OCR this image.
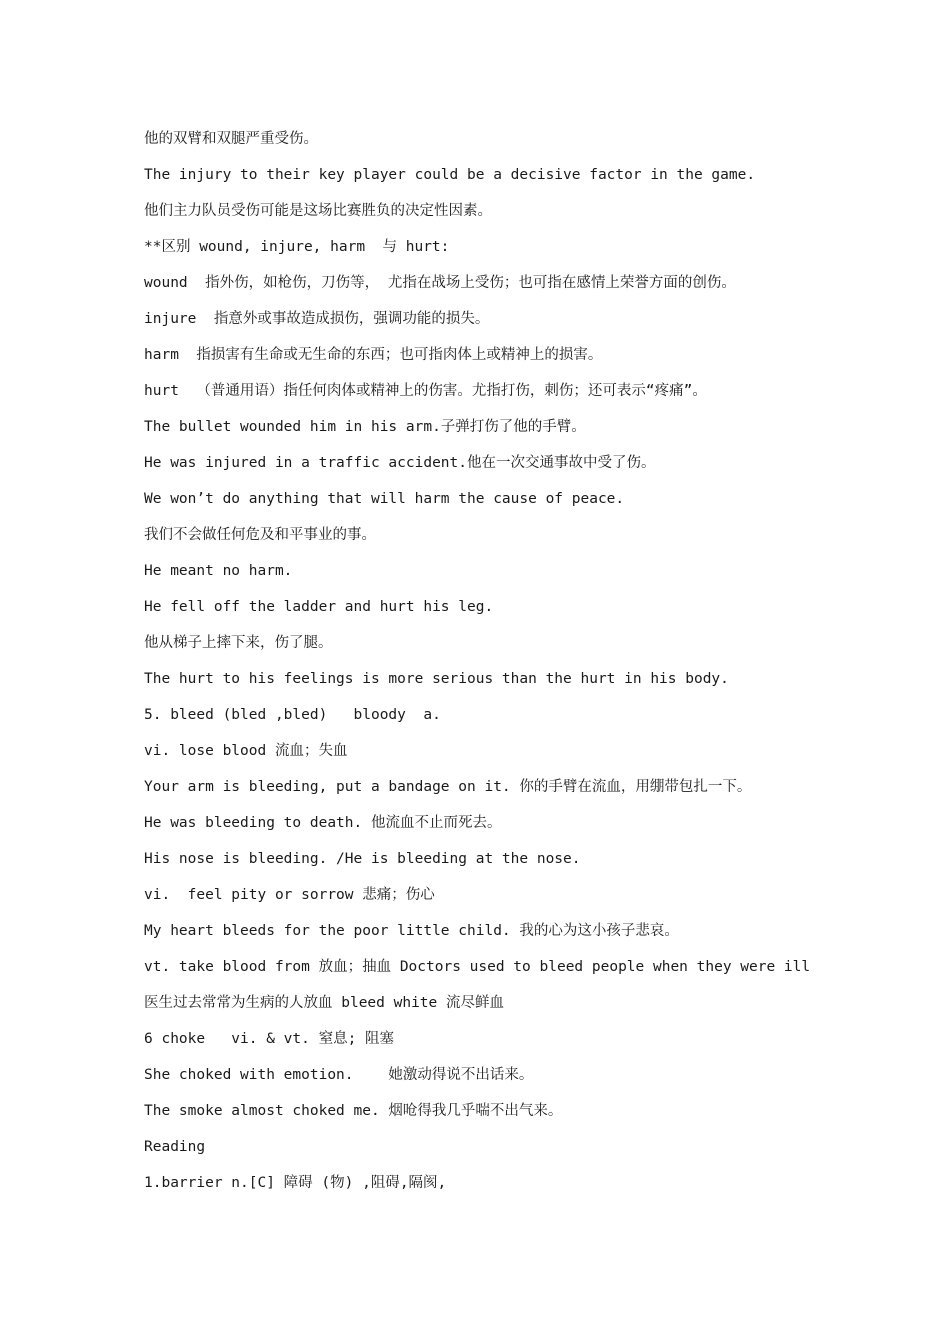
他的双臂和双腿严重受伤。
The injury to their key player could be a decisive factor in the game.
他们主力队员受伤可能是这场比赛胜负的决定性因素。
**区别 wound, injure, harm  与 hurt:
wound  指外伤，如枪伤，刀伤等， 尤指在战场上受伤；也可指在感情上荣誉方面的创伤。
injure  指意外或事故造成损伤，强调功能的损失。
harm  指损害有生命或无生命的东西；也可指肉体上或精神上的损害。
hurt  （普通用语）指任何肉体或精神上的伤害。尤指打伤，刺伤；还可表示“疼痛”。
The bullet wounded him in his arm.子弹打伤了他的手臂。
He was injured in a traffic accident.他在一次交通事故中受了伤。
We won’t do anything that will harm the cause of peace.
我们不会做任何危及和平事业的事。
He meant no harm.
He fell off the ladder and hurt his leg.
他从梯子上摔下来，伤了腿。
The hurt to his feelings is more serious than the hurt in his body.
5. bleed (bled ,bled)   bloody  a.
vi. lose blood 流血；失血
Your arm is bleeding, put a bandage on it. 你的手臂在流血，用绷带包扎一下。
He was bleeding to death. 他流血不止而死去。
His nose is bleeding. /He is bleeding at the nose.
vi.  feel pity or sorrow 悲痛；伤心
My heart bleeds for the poor little child. 我的心为这小孩子悲哀。
vt. take blood from 放血；抽血 Doctors used to bleed people when they were ill
医生过去常常为生病的人放血 bleed white 流尽鲜血
6 choke   vi. & vt. 窒息; 阻塞
She choked with emotion.    她激动得说不出话来。
The smoke almost choked me. 烟呛得我几乎喘不出气来。
Reading
1.barrier n.[C] 障碍 (物) ,阻碍,隔阂,
